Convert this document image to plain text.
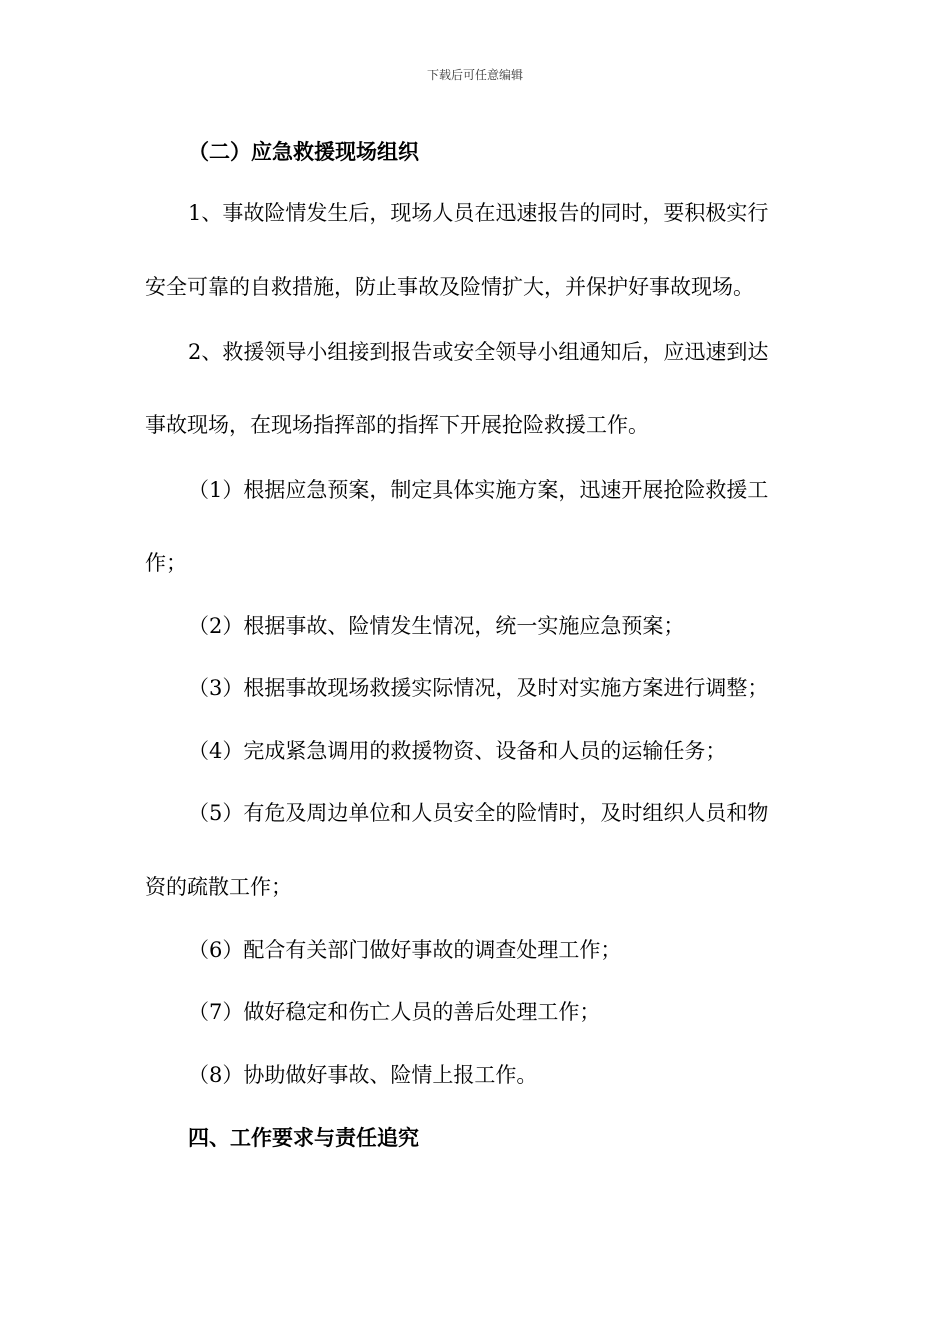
下载后可任意编辑
（二）应急救援现场组织
1、事故险情发生后，现场人员在迅速报告的同时，要积极实行
安全可靠的自救措施，防止事故及险情扩大，并保护好事故现场。
2、救援领导小组接到报告或安全领导小组通知后，应迅速到达
事故现场，在现场指挥部的指挥下开展抢险救援工作。
（1）根据应急预案，制定具体实施方案，迅速开展抢险救援工
作；
（2）根据事故、险情发生情况，统一实施应急预案；
（3）根据事故现场救援实际情况，及时对实施方案进行调整；
（4）完成紧急调用的救援物资、设备和人员的运输任务；
（5）有危及周边单位和人员安全的险情时，及时组织人员和物
资的疏散工作；
（6）配合有关部门做好事故的调查处理工作；
（7）做好稳定和伤亡人员的善后处理工作；
（8）协助做好事故、险情上报工作。
四、工作要求与责任追究
